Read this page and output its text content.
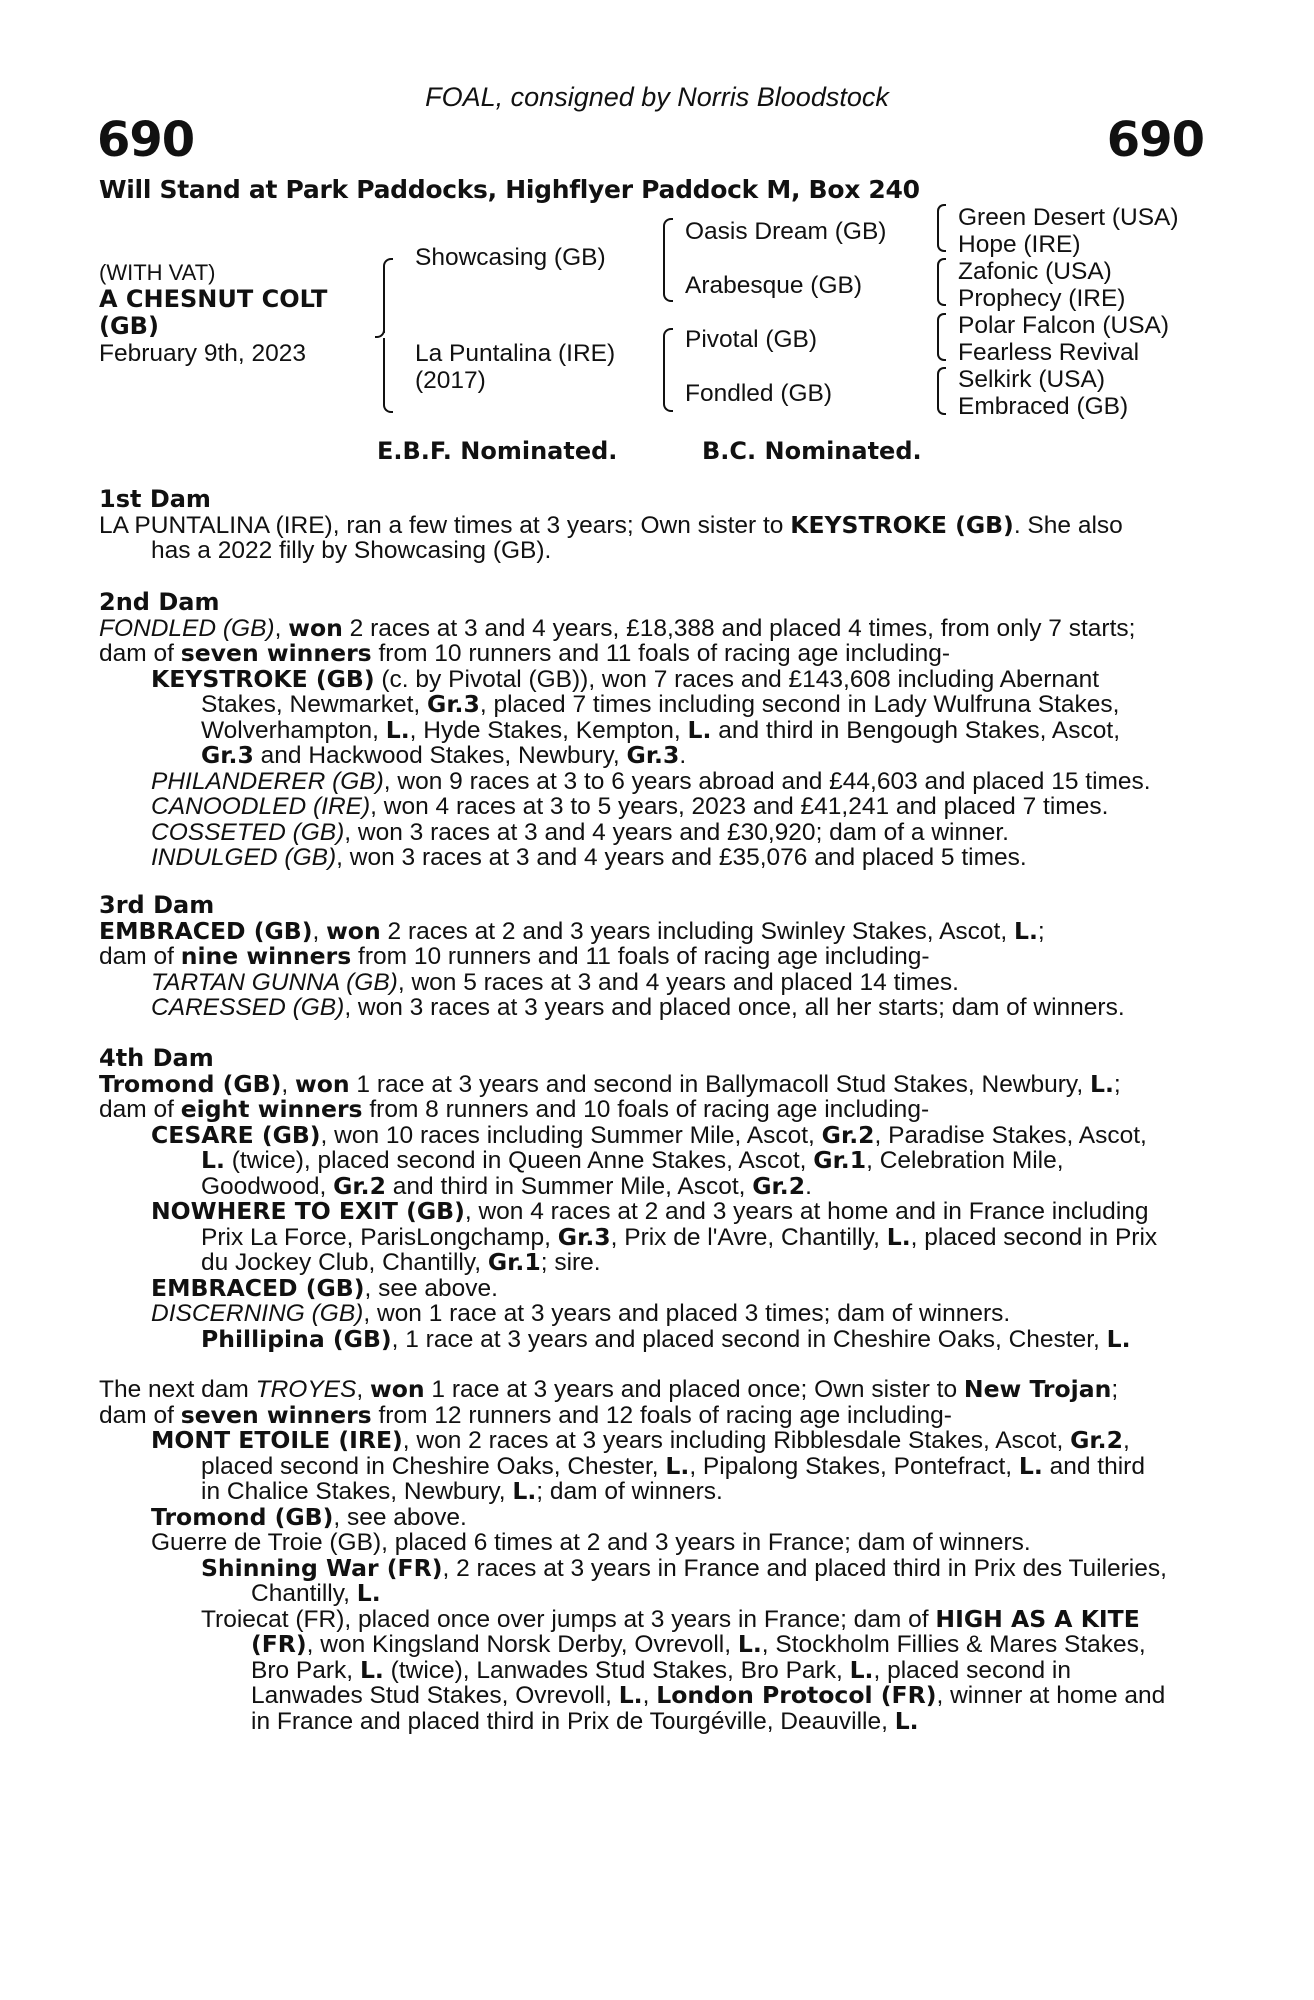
FOAL, consigned by Norris Bloodstock
690	690
Will Stand at Park Paddocks, Highflyer Paddock M, Box 240
(WITH VAT)
A CHESNUT COLT
(GB)
February 9th, 2023
Showcasing (GB)
La Puntalina (IRE)
(2017)
Oasis Dream (GB)
Arabesque (GB)
Pivotal (GB)
Fondled (GB)
Green Desert (USA)
Hope (IRE)
Zafonic (USA)
Prophecy (IRE)
Polar Falcon (USA)
Fearless Revival
Selkirk (USA)
Embraced (GB)
E.B.F. Nominated.	B.C. Nominated.
1st Dam
LA PUNTALINA (IRE), ran a few times at 3 years; Own sister to KEYSTROKE (GB). She also
has a 2022 filly by Showcasing (GB).
2nd Dam
FONDLED (GB), won 2 races at 3 and 4 years, £18,388 and placed 4 times, from only 7 starts;
dam of seven winners from 10 runners and 11 foals of racing age including-
KEYSTROKE (GB) (c. by Pivotal (GB)), won 7 races and £143,608 including Abernant
Stakes, Newmarket, Gr.3, placed 7 times including second in Lady Wulfruna Stakes,
Wolverhampton, L., Hyde Stakes, Kempton, L. and third in Bengough Stakes, Ascot,
Gr.3 and Hackwood Stakes, Newbury, Gr.3.
PHILANDERER (GB), won 9 races at 3 to 6 years abroad and £44,603 and placed 15 times.
CANOODLED (IRE), won 4 races at 3 to 5 years, 2023 and £41,241 and placed 7 times.
COSSETED (GB), won 3 races at 3 and 4 years and £30,920; dam of a winner.
INDULGED (GB), won 3 races at 3 and 4 years and £35,076 and placed 5 times.
3rd Dam
EMBRACED (GB), won 2 races at 2 and 3 years including Swinley Stakes, Ascot, L.;
dam of nine winners from 10 runners and 11 foals of racing age including-
TARTAN GUNNA (GB), won 5 races at 3 and 4 years and placed 14 times.
CARESSED (GB), won 3 races at 3 years and placed once, all her starts; dam of winners.
4th Dam
Tromond (GB), won 1 race at 3 years and second in Ballymacoll Stud Stakes, Newbury, L.;
dam of eight winners from 8 runners and 10 foals of racing age including-
CESARE (GB), won 10 races including Summer Mile, Ascot, Gr.2, Paradise Stakes, Ascot,
L. (twice), placed second in Queen Anne Stakes, Ascot, Gr.1, Celebration Mile,
Goodwood, Gr.2 and third in Summer Mile, Ascot, Gr.2.
NOWHERE TO EXIT (GB), won 4 races at 2 and 3 years at home and in France including
Prix La Force, ParisLongchamp, Gr.3, Prix de l'Avre, Chantilly, L., placed second in Prix
du Jockey Club, Chantilly, Gr.1; sire.
EMBRACED (GB), see above.
DISCERNING (GB), won 1 race at 3 years and placed 3 times; dam of winners.
Phillipina (GB), 1 race at 3 years and placed second in Cheshire Oaks, Chester, L.
The next dam TROYES, won 1 race at 3 years and placed once; Own sister to New Trojan;
dam of seven winners from 12 runners and 12 foals of racing age including-
MONT ETOILE (IRE), won 2 races at 3 years including Ribblesdale Stakes, Ascot, Gr.2,
placed second in Cheshire Oaks, Chester, L., Pipalong Stakes, Pontefract, L. and third
in Chalice Stakes, Newbury, L.; dam of winners.
Tromond (GB), see above.
Guerre de Troie (GB), placed 6 times at 2 and 3 years in France; dam of winners.
Shinning War (FR), 2 races at 3 years in France and placed third in Prix des Tuileries,
Chantilly, L.
Troiecat (FR), placed once over jumps at 3 years in France; dam of HIGH AS A KITE
(FR), won Kingsland Norsk Derby, Ovrevoll, L., Stockholm Fillies & Mares Stakes,
Bro Park, L. (twice), Lanwades Stud Stakes, Bro Park, L., placed second in
Lanwades Stud Stakes, Ovrevoll, L., London Protocol (FR), winner at home and
in France and placed third in Prix de Tourgéville, Deauville, L.
